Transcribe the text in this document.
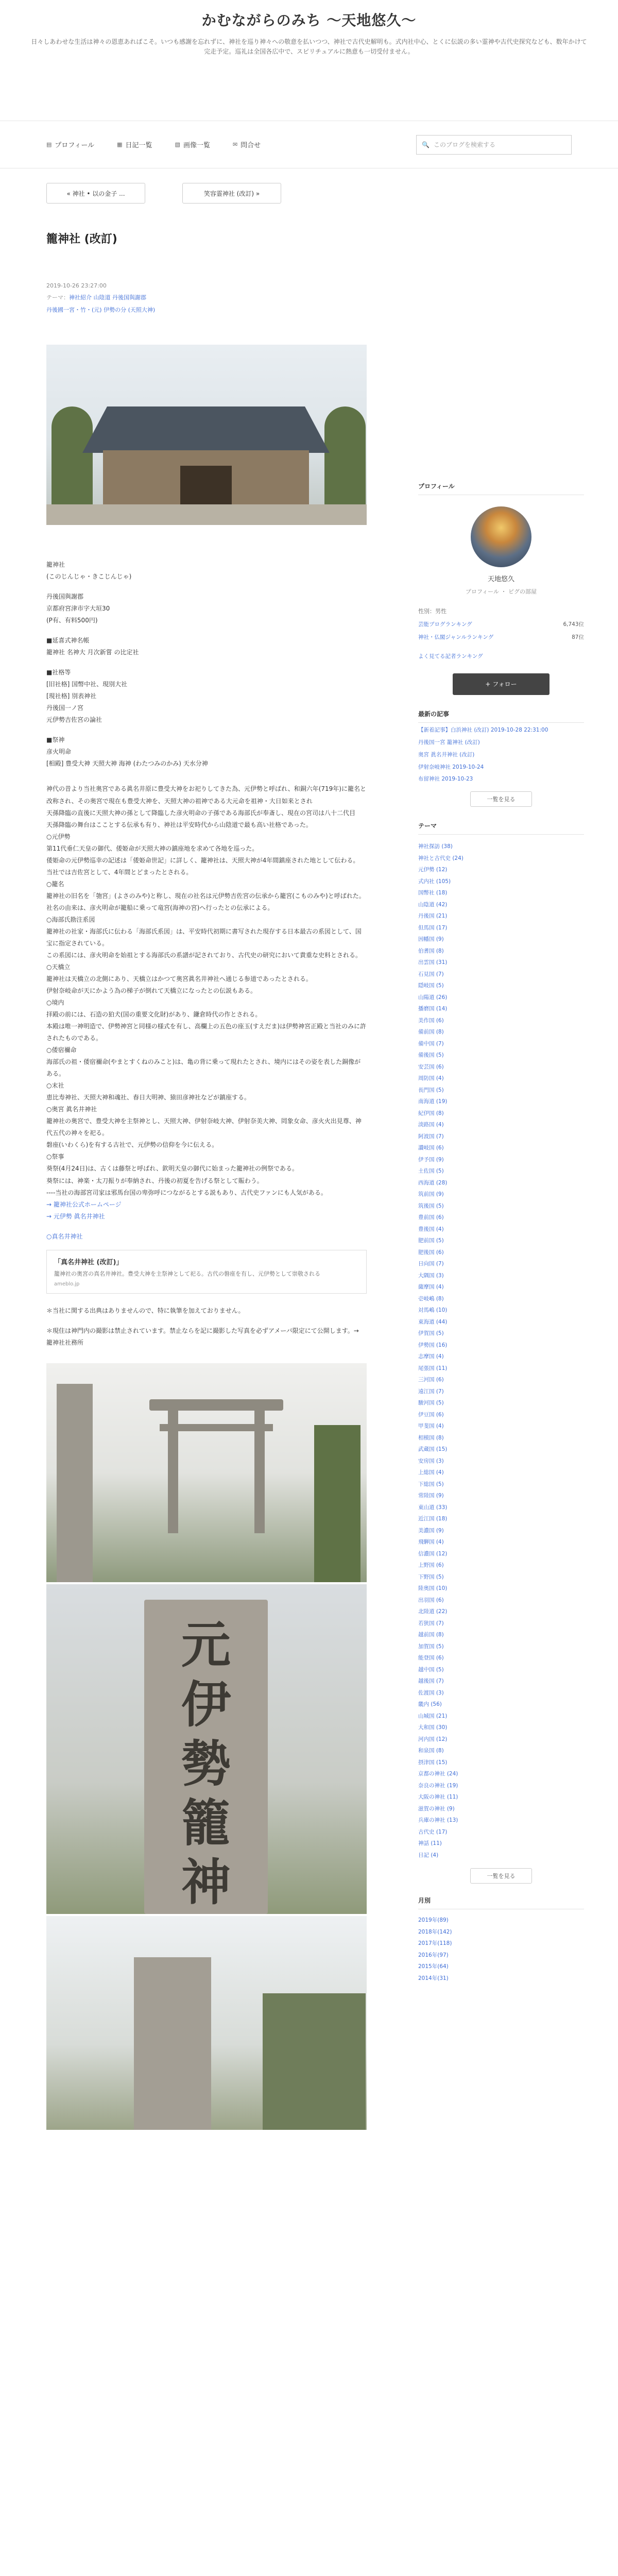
かむながらのみち 〜天地悠久〜
日々しあわせな生活は神々の恩恵あればこそ。いつも感謝を忘れずに、神社を巡り神々への敬意を払いつつ、神社で古代史解明も。式内社中心、とくに伝説の多い霊神や古代史探究なども、数年かけて完走予定。巡礼は全国各広中で、スピリチュアルに熱意も一切受付ません。
▤ プロフィール	▦ 日記一覧	▧ 画像一覧	✉ 問合せ	🔍 このブログを検索する
« 神社 • 以の金子 ...	笑容霊神社 (改訂) »
籠神社 (改訂)

2019-10-26 23:27:00

テーマ：神社紹介 山陰道 丹後国與謝郡

丹後國一宮・竹・(元) 伊勢の分 (天照大神)

籠神社

(このじんじゃ・きこじんじゃ)

丹後国與謝郡

京都府宮津市字大垣30

(P有、有料500円)

■延喜式神名帳

籠神社 名神大 月次新嘗 の比定社

■社格等

[旧社格] 国幣中社、現別大社

[現社格] 別表神社

丹後国一ノ宮

元伊勢吉佐宮の論社

■祭神

彦火明命

[相殿] 豊受大神 天照大神 海神 (わたつみのかみ) 天水分神

神代の昔より当社奥宮である眞名井原に豊受大神をお祀りしてきた為、元伊勢と呼ばれ、和銅六年(719年)に籠名と改称され、その奥宮で現在も豊受大神を、天照大神の祖神である大元命を祖神・大日如来とされ

天孫降臨の直後に天照大神の孫として降臨した彦火明命の子孫である海部氏が奉斎し、現在の宮司は八十二代目

天孫降臨の舞台はこことする伝承も有り、神社は平安時代から山陰道で最も高い社格であった。

○元伊勢

第11代垂仁天皇の御代、倭姫命が天照大神の鎮座地を求めて各地を巡った。

倭姫命の元伊勢巡幸の記述は「倭姫命世記」に詳しく、籠神社は、天照大神が4年間鎮座された地として伝わる。

当社では吉佐宮として、4年間とどまったとされる。

○籠名

籠神社の旧名を「匏宮」(よさのみや)と称し、現在の社名は元伊勢吉佐宮の伝承から籠宮(こものみや)と呼ばれた。

社名の由来は、彦火明命が籠船に乗って竜宮(海神の宮)へ行ったとの伝承による。

○海部氏勘注系図

籠神社の社家・海部氏に伝わる「海部氏系図」は、平安時代初期に書写された現存する日本最古の系図として、国宝に指定されている。

この系図には、彦火明命を始祖とする海部氏の系譜が記されており、古代史の研究において貴重な史料とされる。

○天橋立

籠神社は天橋立の北側にあり、天橋立はかつて奥宮眞名井神社へ通じる参道であったとされる。

伊射奈岐命が天にかよう為の梯子が倒れて天橋立になったとの伝説もある。

○境内

拝殿の前には、石造の狛犬(国の重要文化財)があり、鎌倉時代の作とされる。

本殿は唯一神明造で、伊勢神宮と同様の様式を有し、高欄上の五色の座玉(すえだま)は伊勢神宮正殿と当社のみに許されたものである。

○倭宿禰命

海部氏の祖・倭宿禰命(やまとすくねのみこと)は、亀の背に乗って現れたとされ、境内にはその姿を表した銅像がある。

○末社

恵比寿神社、天照大神和魂社、春日大明神、猿田彦神社などが鎮座する。

○奥宮 眞名井神社

籠神社の奥宮で、豊受大神を主祭神とし、天照大神、伊射奈岐大神、伊射奈美大神、罔象女命、彦火火出見尊、神代五代の神々を祀る。

磐座(いわくら)を有する古社で、元伊勢の信仰を今に伝える。

○祭事

葵祭(4月24日)は、古くは藤祭と呼ばれ、欽明天皇の御代に始まった籠神社の例祭である。

葵祭には、神楽・太刀振りが奉納され、丹後の初夏を告げる祭として賑わう。

----当社の海部宮司家は邪馬台国の卑弥呼につながるとする説もあり、古代史ファンにも人気がある。

→ 籠神社公式ホームページ

→ 元伊勢 眞名井神社

○真名井神社

「真名井神社 (改訂)」
籠神社の奥宮の真名井神社。豊受大神を主祭神として祀る。古代の磐座を有し、元伊勢として崇敬される
ameblo.jp

＊当社に関する出典はありませんので、特に執筆を加えておりません。

＊現住は神門内の撮影は禁止されています。禁止ならを記に撮影した写真を必ずアメーバ限定にて公開します。→ 籠神社社務所

元伊勢籠神
プロフィール
天地悠久
プロフィール ・ ピグの部屋
性別：男性
芸能ブログランキング	6,743位
神社・仏閣ジャンルランキング	87位
よく見てる記者ランキング
+ フォロー
最新の記事
【新着記事】白浜神社 (改訂) 2019-10-28 22:31:00
丹後国一宮 籠神社 (改訂)
奥宮 眞名井神社 (改訂)
伊射奈岐神社 2019-10-24
布留神社 2019-10-23
一覧を見る
テーマ
神社探訪 (38)
神社と古代史 (24)
元伊勢 (12)
式内社 (105)
国幣社 (18)
山陰道 (42)
丹後国 (21)
但馬国 (17)
因幡国 (9)
伯耆国 (8)
出雲国 (31)
石見国 (7)
隠岐国 (5)
山陽道 (26)
播磨国 (14)
美作国 (6)
備前国 (8)
備中国 (7)
備後国 (5)
安芸国 (6)
周防国 (4)
長門国 (5)
南海道 (19)
紀伊国 (8)
淡路国 (4)
阿波国 (7)
讃岐国 (6)
伊予国 (9)
土佐国 (5)
西海道 (28)
筑前国 (9)
筑後国 (5)
豊前国 (6)
豊後国 (4)
肥前国 (5)
肥後国 (6)
日向国 (7)
大隅国 (3)
薩摩国 (4)
壱岐嶋 (8)
対馬嶋 (10)
東海道 (44)
伊賀国 (5)
伊勢国 (16)
志摩国 (4)
尾張国 (11)
三河国 (6)
遠江国 (7)
駿河国 (5)
伊豆国 (6)
甲斐国 (4)
相模国 (8)
武蔵国 (15)
安房国 (3)
上総国 (4)
下総国 (5)
常陸国 (9)
東山道 (33)
近江国 (18)
美濃国 (9)
飛騨国 (4)
信濃国 (12)
上野国 (6)
下野国 (5)
陸奥国 (10)
出羽国 (6)
北陸道 (22)
若狭国 (7)
越前国 (8)
加賀国 (5)
能登国 (6)
越中国 (5)
越後国 (7)
佐渡国 (3)
畿内 (56)
山城国 (21)
大和国 (30)
河内国 (12)
和泉国 (8)
摂津国 (15)
京都の神社 (24)
奈良の神社 (19)
大阪の神社 (11)
滋賀の神社 (9)
兵庫の神社 (13)
古代史 (17)
神話 (11)
日記 (4)
一覧を見る
月別
2019年(89)
2018年(142)
2017年(118)
2016年(97)
2015年(64)
2014年(31)
